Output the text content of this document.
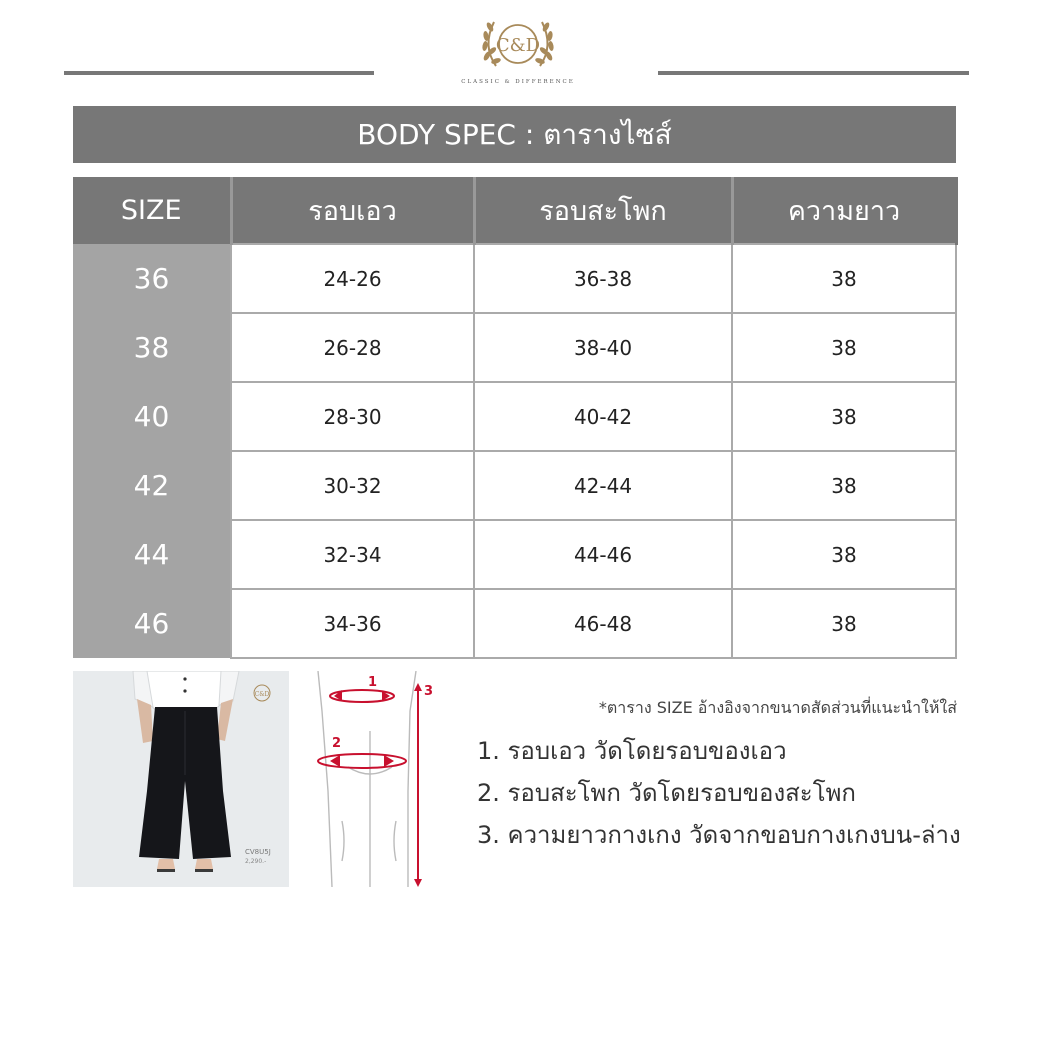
C&D
CLASSIC & DIFFERENCE
BODY SPEC : ตารางไซส์
SIZE	รอบเอว	รอบสะโพก	ความยาว
36	24-26	36-38	38
38	26-28	38-40	38
40	28-30	40-42	38
42	30-32	42-44	38
44	32-34	44-46	38
46	34-36	46-48	38
C&D
CV8U5J
2,290.-
1
2
3
*ตาราง SIZE อ้างอิงจากขนาดสัดส่วนที่แนะนำให้ใส่
1. รอบเอว วัดโดยรอบของเอว
2. รอบสะโพก วัดโดยรอบของสะโพก
3. ความยาวกางเกง วัดจากขอบกางเกงบน-ล่าง
